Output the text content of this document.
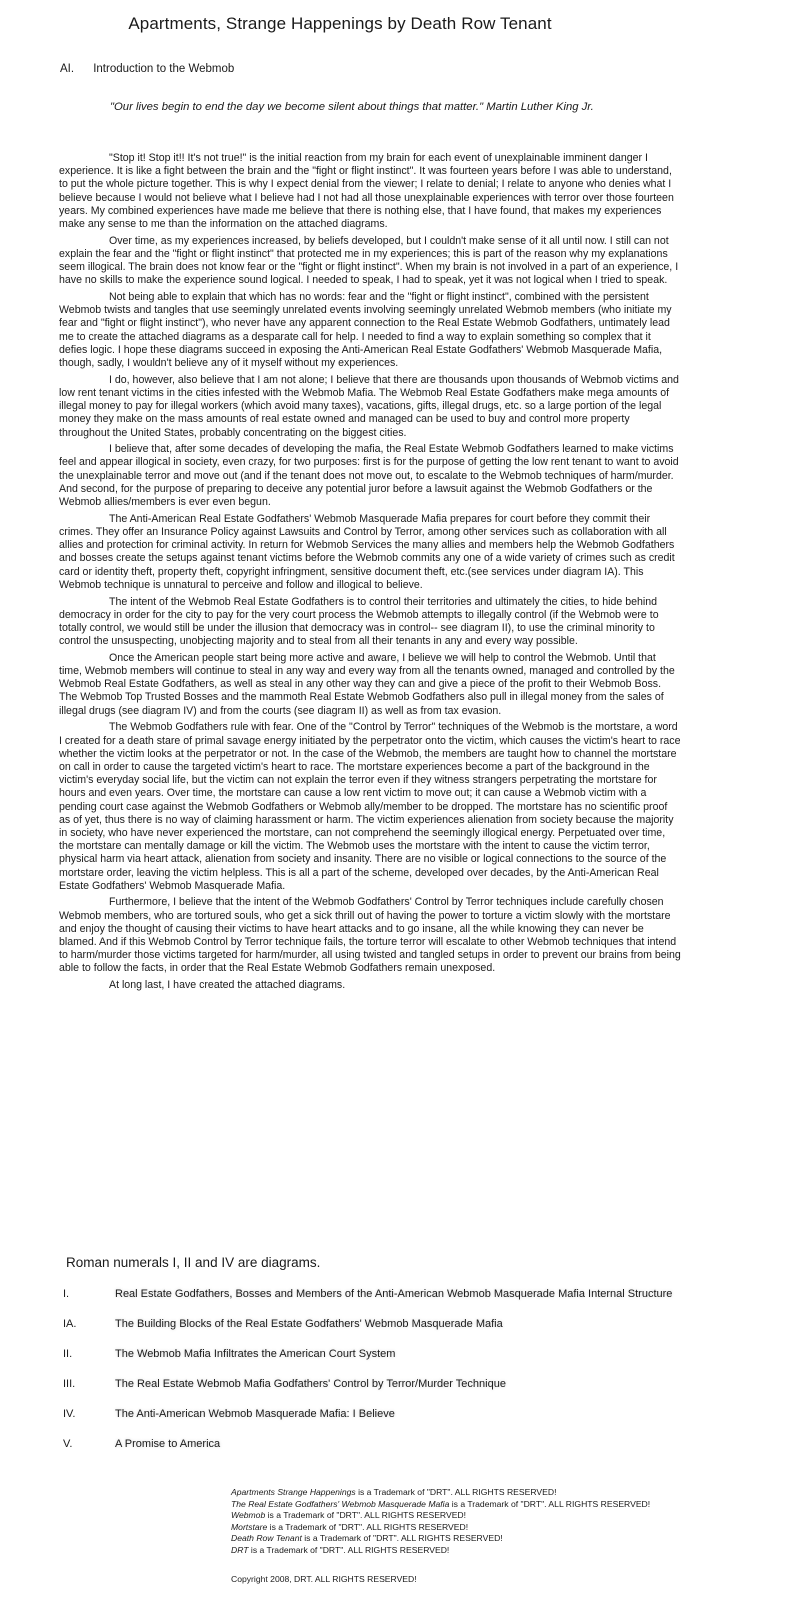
Apartments, Strange Happenings by Death Row Tenant
AI. Introduction to the Webmob
"Our lives begin to end the day we become silent about things that matter." Martin Luther King Jr.

"Stop it! Stop it!! It's not true!" is the initial reaction from my brain for each event of unexplainable imminent danger I experience. It is like a fight between the brain and the "fight or flight instinct". It was fourteen years before I was able to understand, to put the whole picture together. This is why I expect denial from the viewer; I relate to denial; I relate to anyone who denies what I believe because I would not believe what I believe had I not had all those unexplainable experiences with terror over those fourteen years. My combined experiences have made me believe that there is nothing else, that I have found, that makes my experiences make any sense to me than the information on the attached diagrams.

Over time, as my experiences increased, by beliefs developed, but I couldn't make sense of it all until now. I still can not explain the fear and the "fight or flight instinct" that protected me in my experiences; this is part of the reason why my explanations seem illogical. The brain does not know fear or the "fight or flight instinct". When my brain is not involved in a part of an experience, I have no skills to make the experience sound logical. I needed to speak, I had to speak, yet it was not logical when I tried to speak.

Not being able to explain that which has no words: fear and the "fight or flight instinct", combined with the persistent Webmob twists and tangles that use seemingly unrelated events involving seemingly unrelated Webmob members (who initiate my fear and "fight or flight instinct"), who never have any apparent connection to the Real Estate Webmob Godfathers, untimately lead me to create the attached diagrams as a desparate call for help. I needed to find a way to explain something so complex that it defies logic. I hope these diagrams succeed in exposing the Anti-American Real Estate Godfathers' Webmob Masquerade Mafia, though, sadly, I wouldn't believe any of it myself without my experiences.

I do, however, also believe that I am not alone; I believe that there are thousands upon thousands of Webmob victims and low rent tenant victims in the cities infested with the Webmob Mafia. The Webmob Real Estate Godfathers make mega amounts of illegal money to pay for illegal workers (which avoid many taxes), vacations, gifts, illegal drugs, etc. so a large portion of the legal money they make on the mass amounts of real estate owned and managed can be used to buy and control more property throughout the United States, probably concentrating on the biggest cities.

I believe that, after some decades of developing the mafia, the Real Estate Webmob Godfathers learned to make victims feel and appear illogical in society, even crazy, for two purposes: first is for the purpose of getting the low rent tenant to want to avoid the unexplainable terror and move out (and if the tenant does not move out, to escalate to the Webmob techniques of harm/murder. And second, for the purpose of preparing to deceive any potential juror before a lawsuit against the Webmob Godfathers or the Webmob allies/members is ever even begun.

The Anti-American Real Estate Godfathers' Webmob Masquerade Mafia prepares for court before they commit their crimes. They offer an Insurance Policy against Lawsuits and Control by Terror, among other services such as collaboration with all allies and protection for criminal activity. In return for Webmob Services the many allies and members help the Webmob Godfathers and bosses create the setups against tenant victims before the Webmob commits any one of a wide variety of crimes such as credit card or identity theft, property theft, copyright infringment, sensitive document theft, etc.(see services under diagram IA). This Webmob technique is unnatural to perceive and follow and illogical to believe.

The intent of the Webmob Real Estate Godfathers is to control their territories and ultimately the cities, to hide behind democracy in order for the city to pay for the very court process the Webmob attempts to illegally control (if the Webmob were to totally control, we would still be under the illusion that democracy was in control-- see diagram II), to use the criminal minority to control the unsuspecting, unobjecting majority and to steal from all their tenants in any and every way possible.

Once the American people start being more active and aware, I believe we will help to control the Webmob. Until that time, Webmob members will continue to steal in any way and every way from all the tenants owned, managed and controlled by the Webmob Real Estate Godfathers, as well as steal in any other way they can and give a piece of the profit to their Webmob Boss. The Webmob Top Trusted Bosses and the mammoth Real Estate Webmob Godfathers also pull in illegal money from the sales of illegal drugs (see diagram IV) and from the courts (see diagram II) as well as from tax evasion.

The Webmob Godfathers rule with fear. One of the "Control by Terror" techniques of the Webmob is the mortstare, a word I created for a death stare of primal savage energy initiated by the perpetrator onto the victim, which causes the victim's heart to race whether the victim looks at the perpetrator or not. In the case of the Webmob, the members are taught how to channel the mortstare on call in order to cause the targeted victim's heart to race. The mortstare experiences become a part of the background in the victim's everyday social life, but the victim can not explain the terror even if they witness strangers perpetrating the mortstare for hours and even years. Over time, the mortstare can cause a low rent victim to move out; it can cause a Webmob victim with a pending court case against the Webmob Godfathers or Webmob ally/member to be dropped. The mortstare has no scientific proof as of yet, thus there is no way of claiming harassment or harm. The victim experiences alienation from society because the majority in society, who have never experienced the mortstare, can not comprehend the seemingly illogical energy. Perpetuated over time, the mortstare can mentally damage or kill the victim. The Webmob uses the mortstare with the intent to cause the victim terror, physical harm via heart attack, alienation from society and insanity. There are no visible or logical connections to the source of the mortstare order, leaving the victim helpless. This is all a part of the scheme, developed over decades, by the Anti-American Real Estate Godfathers' Webmob Masquerade Mafia.

Furthermore, I believe that the intent of the Webmob Godfathers' Control by Terror techniques include carefully chosen Webmob members, who are tortured souls, who get a sick thrill out of having the power to torture a victim slowly with the mortstare and enjoy the thought of causing their victims to have heart attacks and to go insane, all the while knowing they can never be blamed. And if this Webmob Control by Terror technique fails, the torture terror will escalate to other Webmob techniques that intend to harm/murder those victims targeted for harm/murder, all using twisted and tangled setups in order to prevent our brains from being able to follow the facts, in order that the Real Estate Webmob Godfathers remain unexposed.

At long last, I have created the attached diagrams.

Roman numerals I, II and IV are diagrams.
I.	Real Estate Godfathers, Bosses and Members of the Anti-American Webmob Masquerade Mafia Internal Structure
IA.	The Building Blocks of the Real Estate Godfathers' Webmob Masquerade Mafia
II.	The Webmob Mafia Infiltrates the American Court System
III.	The Real Estate Webmob Mafia Godfathers' Control by Terror/Murder Technique
IV.	The Anti-American Webmob Masquerade Mafia: I Believe
V.	A Promise to America
Apartments Strange Happenings is a Trademark of "DRT". ALL RIGHTS RESERVED!
The Real Estate Godfathers' Webmob Masquerade Mafia is a Trademark of "DRT". ALL RIGHTS RESERVED!
Webmob is a Trademark of "DRT". ALL RIGHTS RESERVED!
Mortstare is a Trademark of "DRT". ALL RIGHTS RESERVED!
Death Row Tenant is a Trademark of "DRT". ALL RIGHTS RESERVED!
DRT is a Trademark of "DRT". ALL RIGHTS RESERVED!
Copyright 2008, DRT. ALL RIGHTS RESERVED!
